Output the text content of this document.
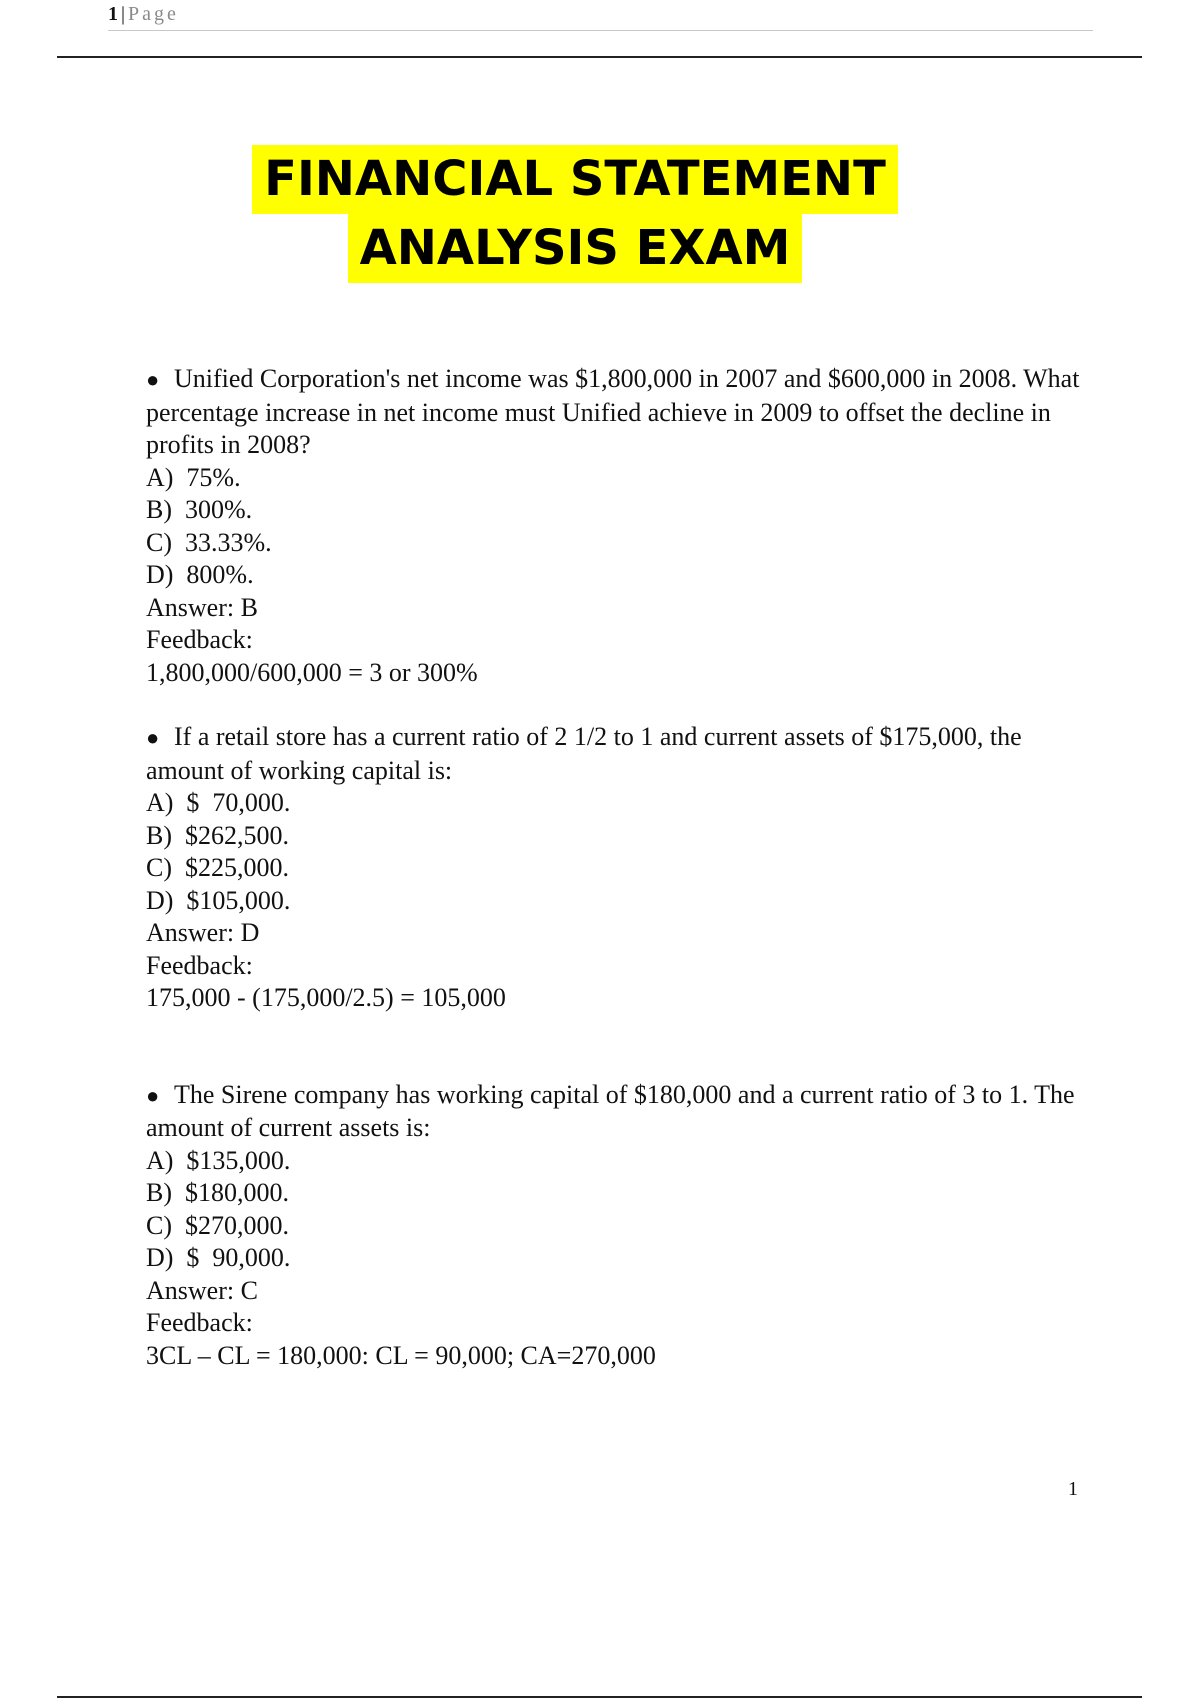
1 | Page
FINANCIAL STATEMENT
ANALYSIS EXAM

● Unified Corporation's net income was $1,800,000 in 2007 and $600,000 in 2008. What percentage increase in net income must Unified achieve in 2009 to offset the decline in profits in 2008?

A)  75%.

B)  300%.

C)  33.33%.

D)  800%.

Answer: B

Feedback:

1,800,000/600,000 = 3 or 300%

● If a retail store has a current ratio of 2 1/2 to 1 and current assets of $175,000, the amount of working capital is:

A)  $  70,000.

B)  $262,500.

C)  $225,000.

D)  $105,000.

Answer: D

Feedback:

175,000 - (175,000/2.5) = 105,000

● The Sirene company has working capital of $180,000 and a current ratio of 3 to 1. The amount of current assets is:

A)  $135,000.

B)  $180,000.

C)  $270,000.

D)  $  90,000.

Answer: C

Feedback:

3CL – CL = 180,000: CL = 90,000; CA=270,000

1
